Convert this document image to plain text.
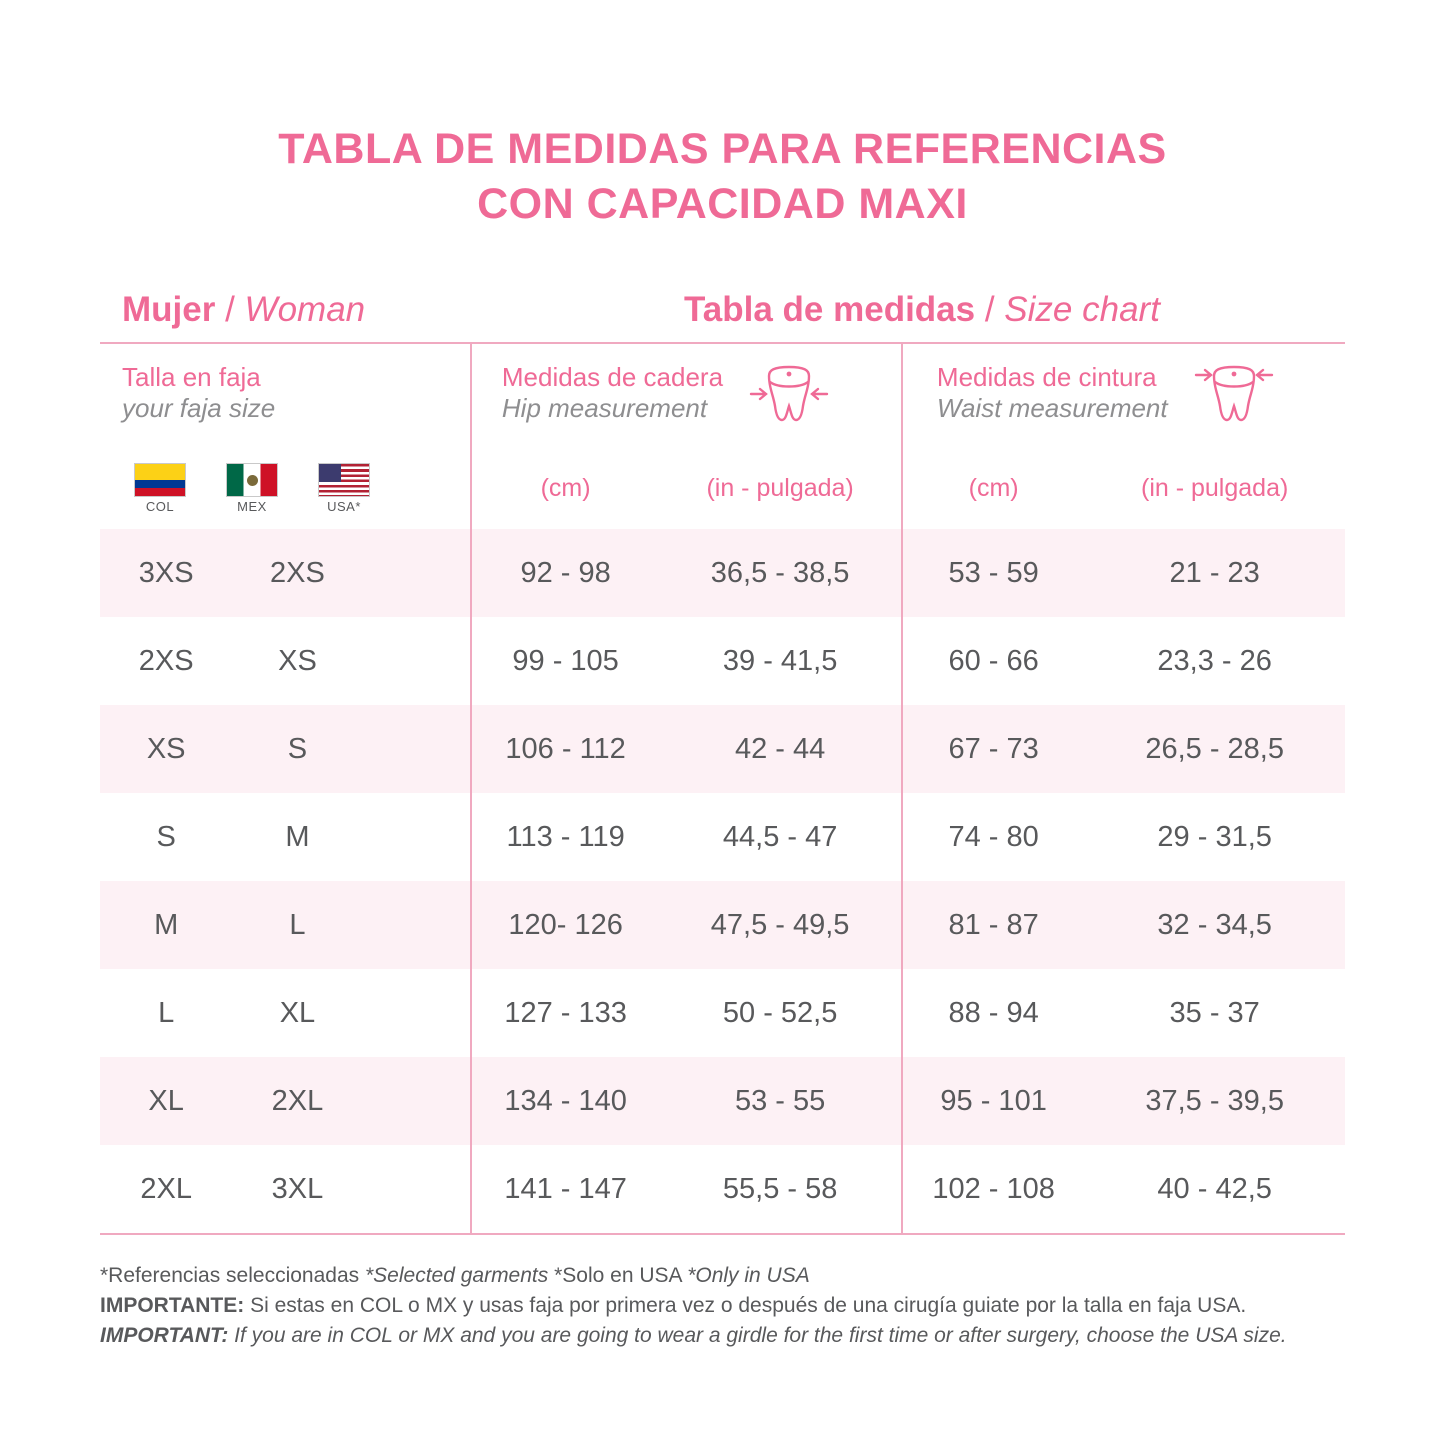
TABLA DE MEDIDAS PARA REFERENCIAS
CON CAPACIDAD MAXI
Mujer / Woman	Tabla de medidas / Size chart
Talla en faja
your faja size

Medidas de cadera
Hip measurement

Medidas de cintura
Waist measurement

COL MEX USA*			(cm)	(in - pulgada)	(cm)	(in - pulgada)
3XS	2XS		92 - 98	36,5 - 38,5	53 - 59	21 - 23
2XS	XS		99 - 105	39 - 41,5	60 - 66	23,3 - 26
XS	S		106 - 112	42 - 44	67 - 73	26,5 - 28,5
S	M		113 - 119	44,5 - 47	74 - 80	29 - 31,5
M	L		120- 126	47,5 - 49,5	81 - 87	32 - 34,5
L	XL		127 - 133	50 - 52,5	88 - 94	35 - 37
XL	2XL		134 - 140	53 - 55	95 - 101	37,5 - 39,5
2XL	3XL		141 - 147	55,5 - 58	102 - 108	40 - 42,5
*Referencias seleccionadas *Selected garments *Solo en USA *Only in USA
IMPORTANTE: Si estas en COL o MX y usas faja por primera vez o después de una cirugía guiate por la talla en faja USA.
IMPORTANT: If you are in COL or MX and you are going to wear a girdle for the first time or after surgery, choose the USA size.
